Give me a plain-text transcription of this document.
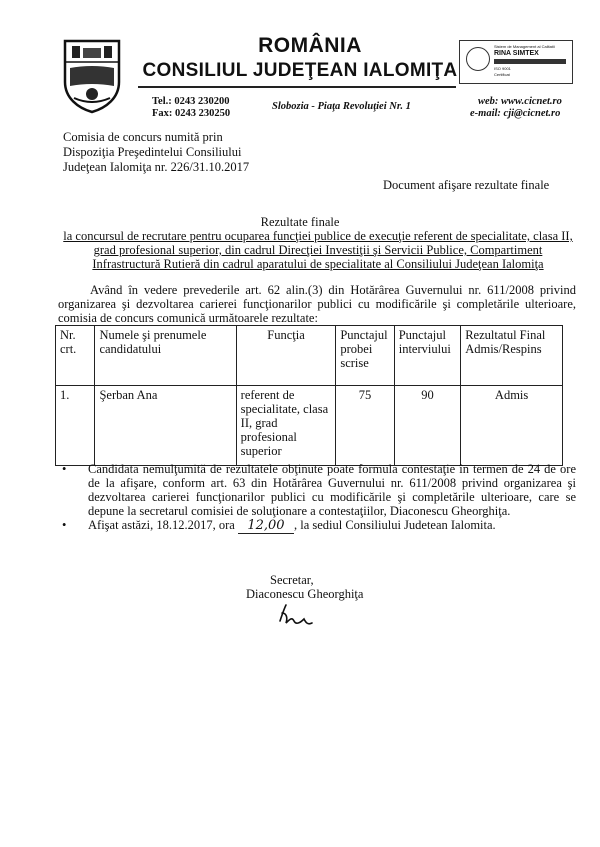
ROMÂNIA
CONSILIUL JUDEŢEAN IALOMIŢA
Sistem de Management al Calitatii
RINA SIMTEX
ISO 9001
Certificat
Tel.: 0243 230200
Fax: 0243 230250
Slobozia - Piaţa Revoluţiei Nr. 1	web: www.cicnet.ro
e-mail: cji@cicnet.ro
Comisia de concurs numită prin
Dispoziţia Preşedintelui Consiliului
Judeţean Ialomiţa nr. 226/31.10.2017
Document afişare rezultate finale
Rezultate finale
la concursul de recrutare pentru ocuparea funcţiei publice de execuţie referent de specialitate, clasa II, grad profesional superior, din cadrul Direcţiei Investiţii şi Servicii Publice, Compartiment Infrastructură Rutieră din cadrul aparatului de specialitate al Consiliului Judeţean Ialomiţa
Având în vedere prevederile art. 62 alin.(3) din Hotărârea Guvernului nr. 611/2008 privind organizarea şi dezvoltarea carierei funcţionarilor publici cu modificările şi completările ulterioare, comisia de concurs comunică următoarele rezultate:
Nr. crt.	Numele şi prenumele candidatului	Funcţia	Punctajul probei scrise	Punctajul interviului	Rezultatul Final Admis/Respins
1.	Şerban Ana	referent de specialitate, clasa II, grad profesional superior	75	90	Admis
• Candidata nemulţumită de rezultatele obţinute poate formula contestaţie în termen de 24 de ore de la afişare, conform art. 63 din Hotărârea Guvernului nr. 611/2008 privind organizarea şi dezvoltarea carierei funcţionarilor publici cu modificările şi completările ulterioare, care se depune la secretarul comisiei de soluţionare a contestaţiilor, Diaconescu Gheorghiţa.
• Afişat astăzi, 18.12.2017, ora 12,00 , la sediul Consiliului Judetean Ialomita.
Secretar,
Diaconescu Gheorghiţa
